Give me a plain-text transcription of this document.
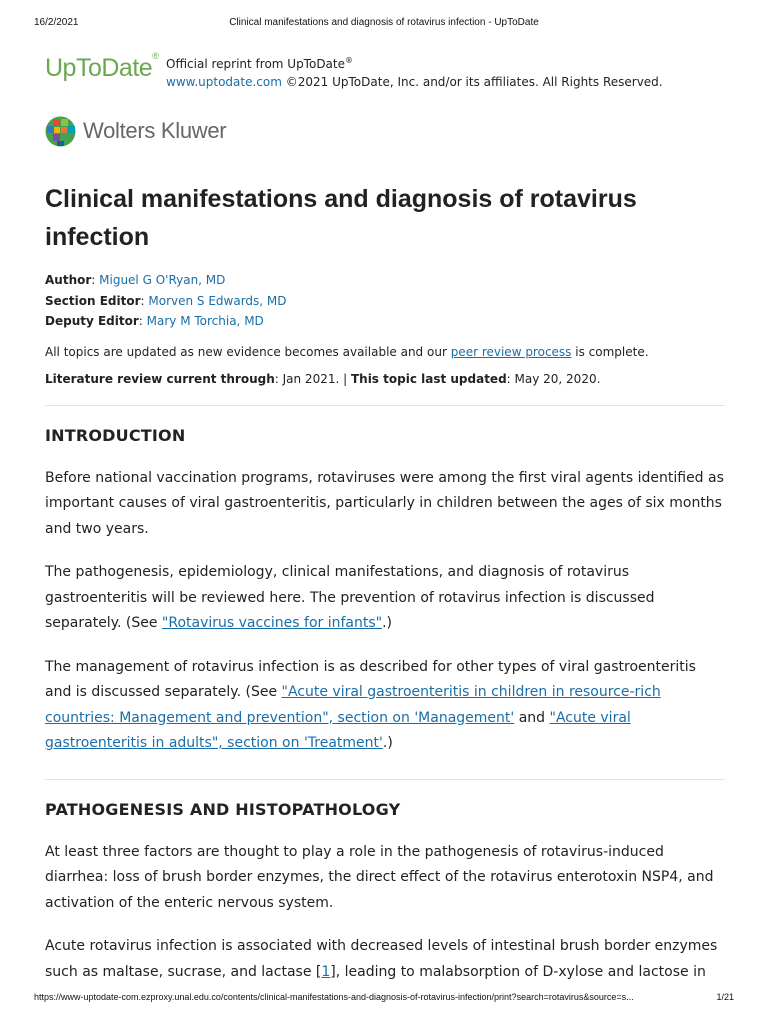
16/2/2021	Clinical manifestations and diagnosis of rotavirus infection - UpToDate
UpToDate®
Official reprint from UpToDate®
www.uptodate.com ©2021 UpToDate, Inc. and/or its affiliates. All Rights Reserved.
Wolters Kluwer
Clinical manifestations and diagnosis of rotavirus infection
Author: Miguel G O'Ryan, MD
Section Editor: Morven S Edwards, MD
Deputy Editor: Mary M Torchia, MD
All topics are updated as new evidence becomes available and our peer review process is complete.
Literature review current through: Jan 2021. | This topic last updated: May 20, 2020.
INTRODUCTION

Before national vaccination programs, rotaviruses were among the first viral agents identified as important causes of viral gastroenteritis, particularly in children between the ages of six months and two years.

The pathogenesis, epidemiology, clinical manifestations, and diagnosis of rotavirus gastroenteritis will be reviewed here. The prevention of rotavirus infection is discussed separately. (See "Rotavirus vaccines for infants".)

The management of rotavirus infection is as described for other types of viral gastroenteritis and is discussed separately. (See "Acute viral gastroenteritis in children in resource-rich countries: Management and prevention", section on 'Management' and "Acute viral gastroenteritis in adults", section on 'Treatment'.)

PATHOGENESIS AND HISTOPATHOLOGY

At least three factors are thought to play a role in the pathogenesis of rotavirus-induced diarrhea: loss of brush border enzymes, the direct effect of the rotavirus enterotoxin NSP4, and activation of the enteric nervous system.

Acute rotavirus infection is associated with decreased levels of intestinal brush border enzymes such as maltase, sucrase, and lactase [1], leading to malabsorption of D-xylose and lactose in

https://www-uptodate-com.ezproxy.unal.edu.co/contents/clinical-manifestations-and-diagnosis-of-rotavirus-infection/print?search=rotavirus&source=s...	1/21
